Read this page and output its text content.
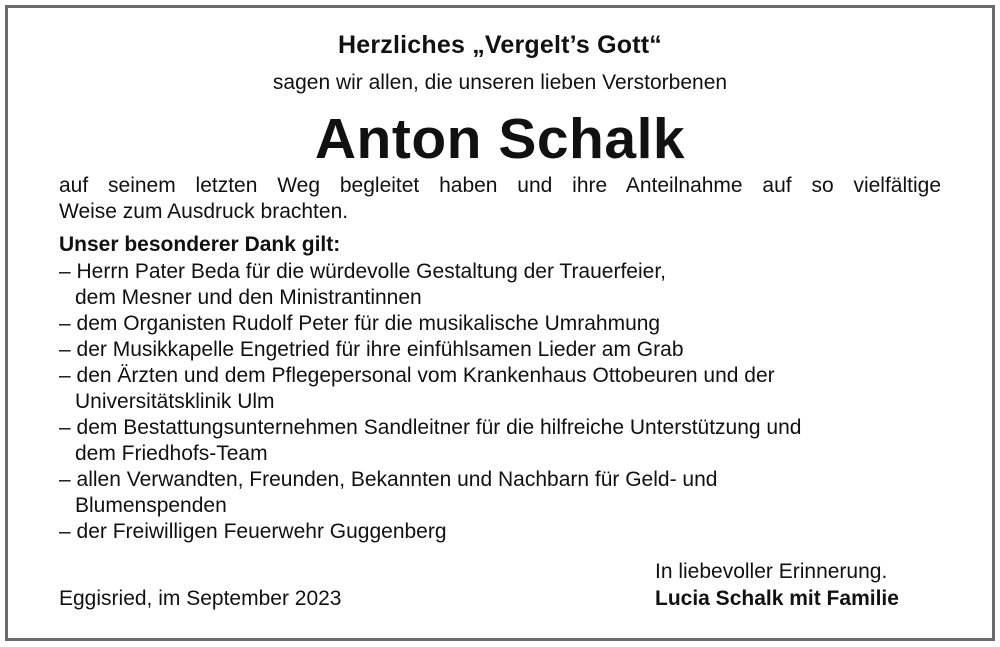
Herzliches „Vergelt’s Gott“
sagen wir allen, die unseren lieben Verstorbenen
Anton Schalk
auf seinem letzten Weg begleitet haben und ihre Anteilnahme auf so vielfältige
Weise zum Ausdruck brachten.
Unser besonderer Dank gilt:
– Herrn Pater Beda für die würdevolle Gestaltung der Trauerfeier,
dem Mesner und den Ministrantinnen
– dem Organisten Rudolf Peter für die musikalische Umrahmung
– der Musikkapelle Engetried für ihre einfühlsamen Lieder am Grab
– den Ärzten und dem Pflegepersonal vom Krankenhaus Ottobeuren und der
Universitätsklinik Ulm
– dem Bestattungsunternehmen Sandleitner für die hilfreiche Unterstützung und
dem Friedhofs-Team
– allen Verwandten, Freunden, Bekannten und Nachbarn für Geld- und
Blumenspenden
– der Freiwilligen Feuerwehr Guggenberg
In liebevoller Erinnerung.
Eggisried, im September 2023	Lucia Schalk mit Familie
